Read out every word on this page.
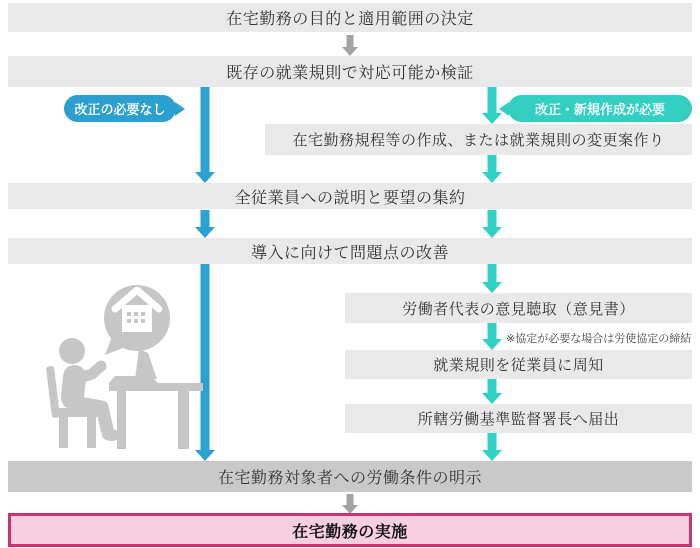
在宅勤務の目的と適用範囲の決定
既存の就業規則で対応可能か検証
改正の必要なし	改正・新規作成が必要
在宅勤務規程等の作成、または就業規則の変更案作り
全従業員への説明と要望の集約
導入に向けて問題点の改善
労働者代表の意見聴取（意見書）
※協定が必要な場合は労使協定の締結
就業規則を従業員に周知
所轄労働基準監督署長へ届出
在宅勤務対象者への労働条件の明示
在宅勤務の実施
